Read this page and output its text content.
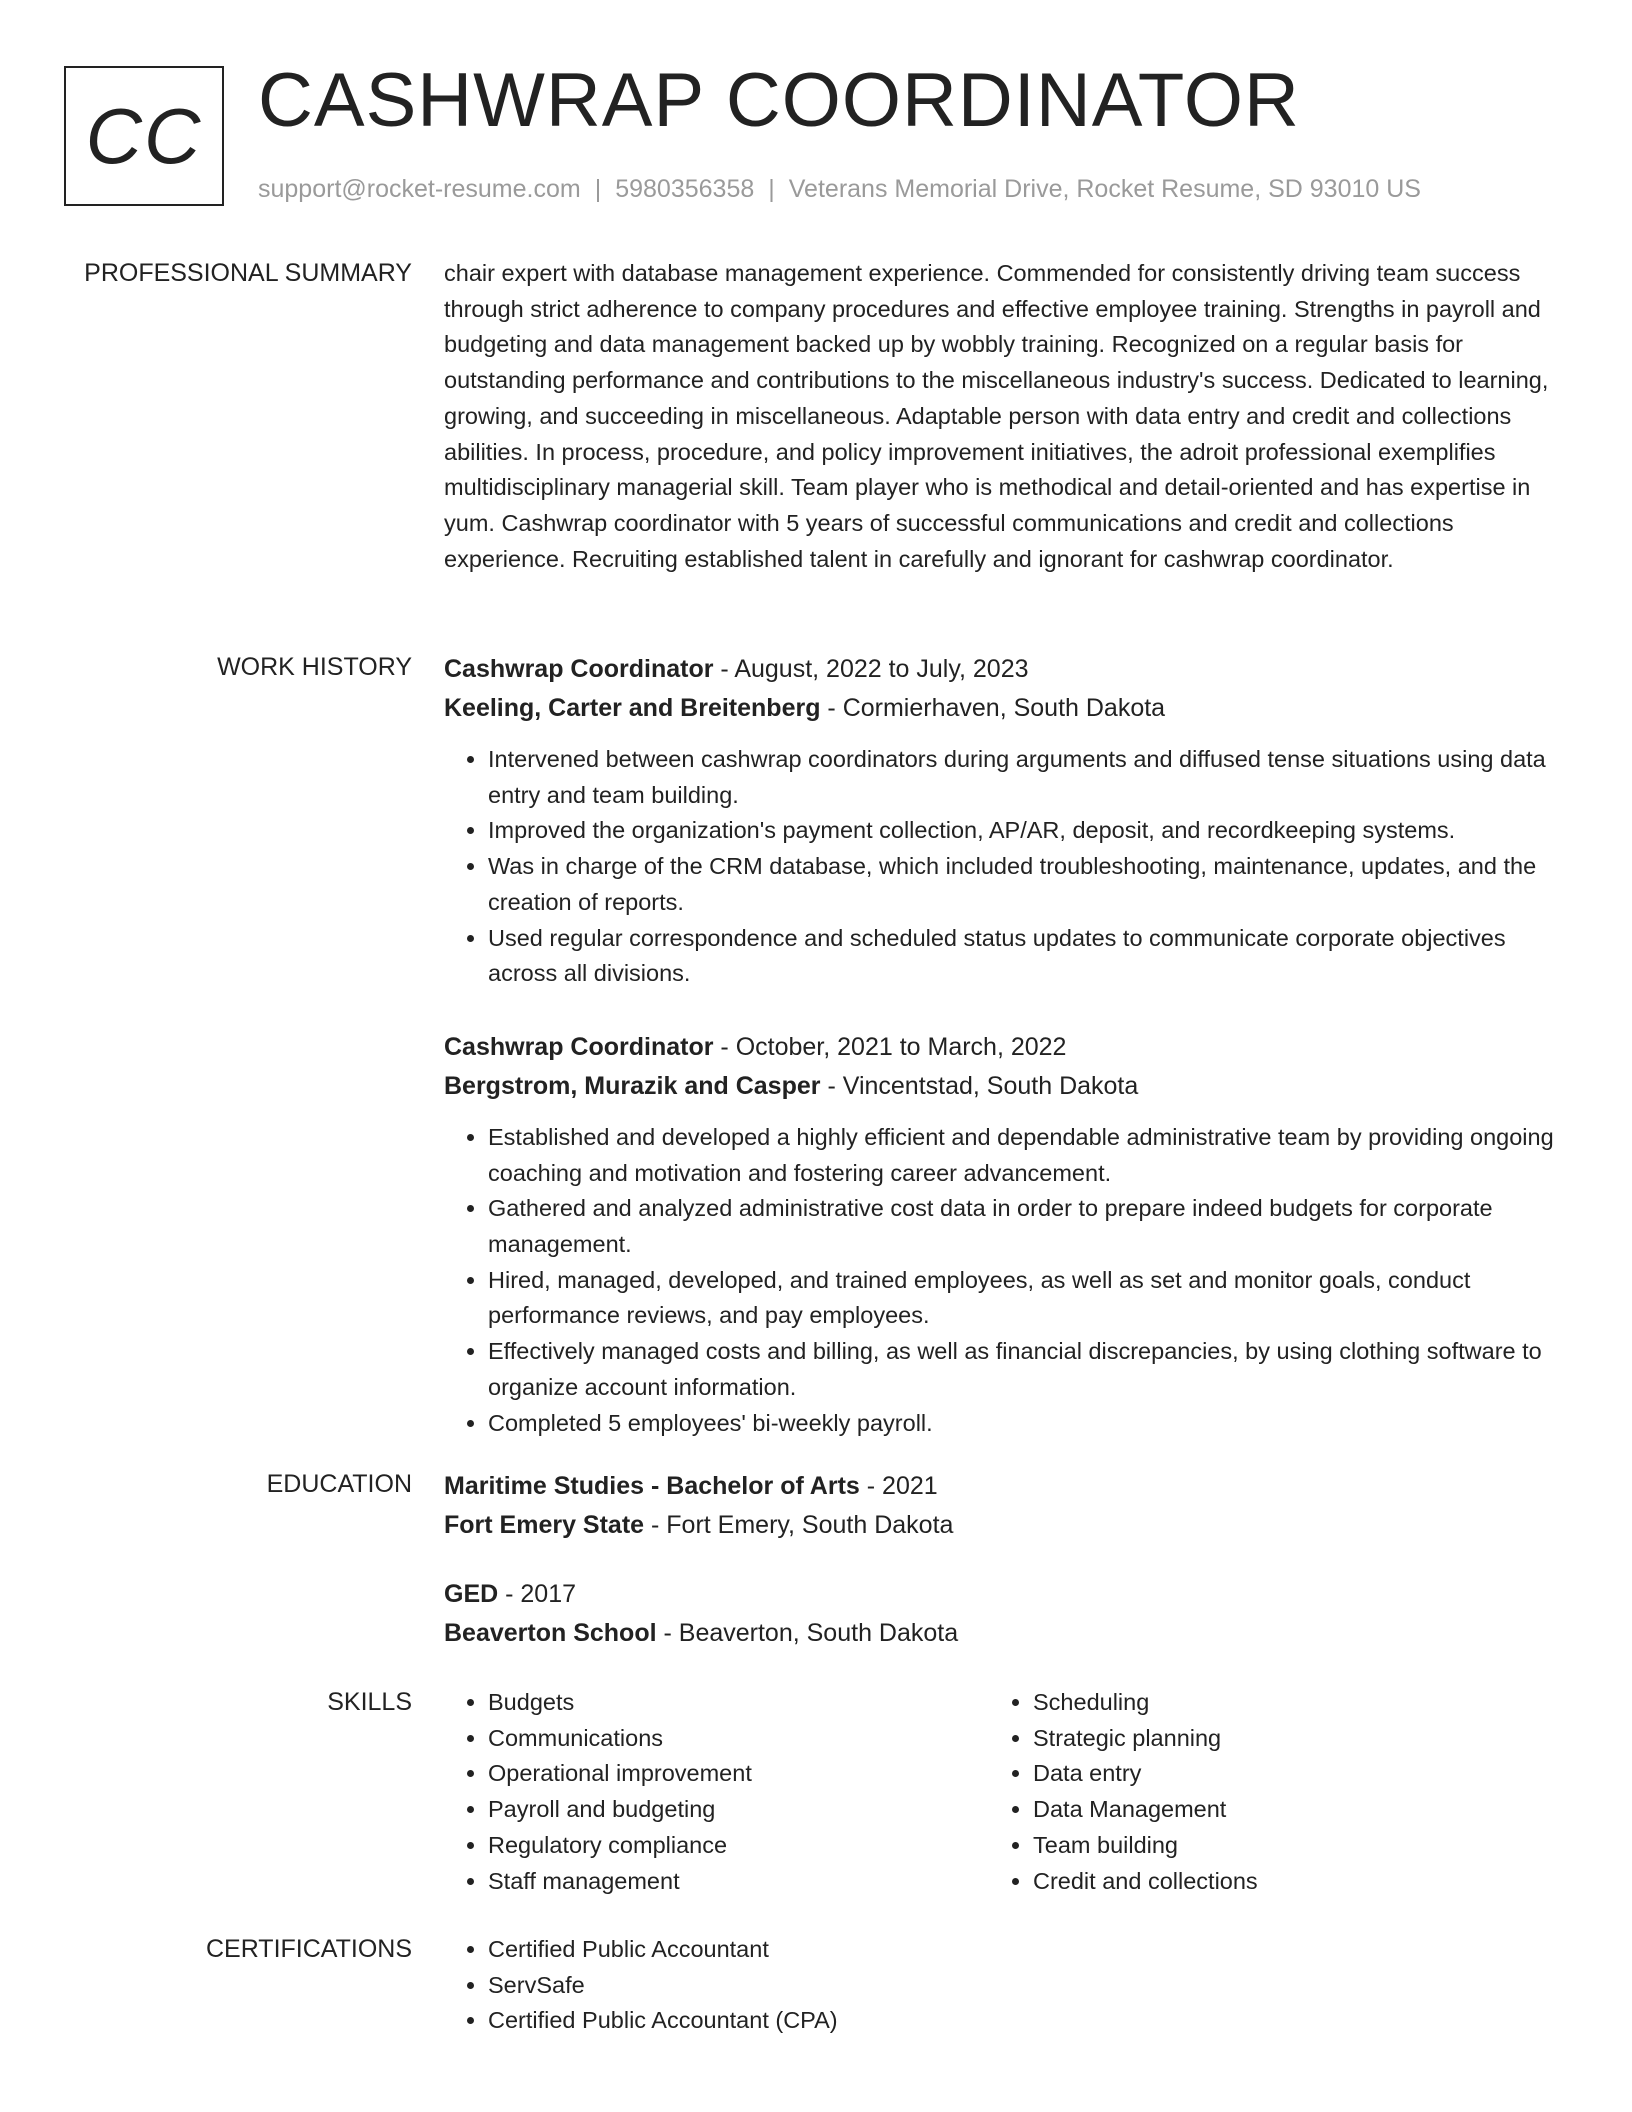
CC CASHWRAP COORDINATOR
support@rocket-resume.com | 5980356358 | Veterans Memorial Drive, Rocket Resume, SD 93010 US
PROFESSIONAL SUMMARY chair expert with database management experience. Commended for consistently driving team success through strict adherence to company procedures and effective employee training. Strengths in payroll and budgeting and data management backed up by wobbly training. Recognized on a regular basis for outstanding performance and contributions to the miscellaneous industry's success. Dedicated to learning, growing, and succeeding in miscellaneous. Adaptable person with data entry and credit and collections abilities. In process, procedure, and policy improvement initiatives, the adroit professional exemplifies multidisciplinary managerial skill. Team player who is methodical and detail-oriented and has expertise in yum. Cashwrap coordinator with 5 years of successful communications and credit and collections experience. Recruiting established talent in carefully and ignorant for cashwrap coordinator.

WORK HISTORY Cashwrap Coordinator - August, 2022 to July, 2023
Keeling, Carter and Breitenberg - Cormierhaven, South Dakota
• Intervened between cashwrap coordinators during arguments and diffused tense situations using data entry and team building.
• Improved the organization's payment collection, AP/AR, deposit, and recordkeeping systems.
• Was in charge of the CRM database, which included troubleshooting, maintenance, updates, and the creation of reports.
• Used regular correspondence and scheduled status updates to communicate corporate objectives across all divisions.
Cashwrap Coordinator - October, 2021 to March, 2022
Bergstrom, Murazik and Casper - Vincentstad, South Dakota
• Established and developed a highly efficient and dependable administrative team by providing ongoing coaching and motivation and fostering career advancement.
• Gathered and analyzed administrative cost data in order to prepare indeed budgets for corporate management.
• Hired, managed, developed, and trained employees, as well as set and monitor goals, conduct performance reviews, and pay employees.
• Effectively managed costs and billing, as well as financial discrepancies, by using clothing software to organize account information.
• Completed 5 employees' bi-weekly payroll.
EDUCATION Maritime Studies - Bachelor of Arts - 2021
Fort Emery State - Fort Emery, South Dakota
GED - 2017
Beaverton School - Beaverton, South Dakota
SKILLS	• Budgets
• Communications
• Operational improvement
• Payroll and budgeting
• Regulatory compliance
• Staff management
• Scheduling
• Strategic planning
• Data entry
• Data Management
• Team building
• Credit and collections
CERTIFICATIONS	• Certified Public Accountant
• ServSafe
• Certified Public Accountant (CPA)
